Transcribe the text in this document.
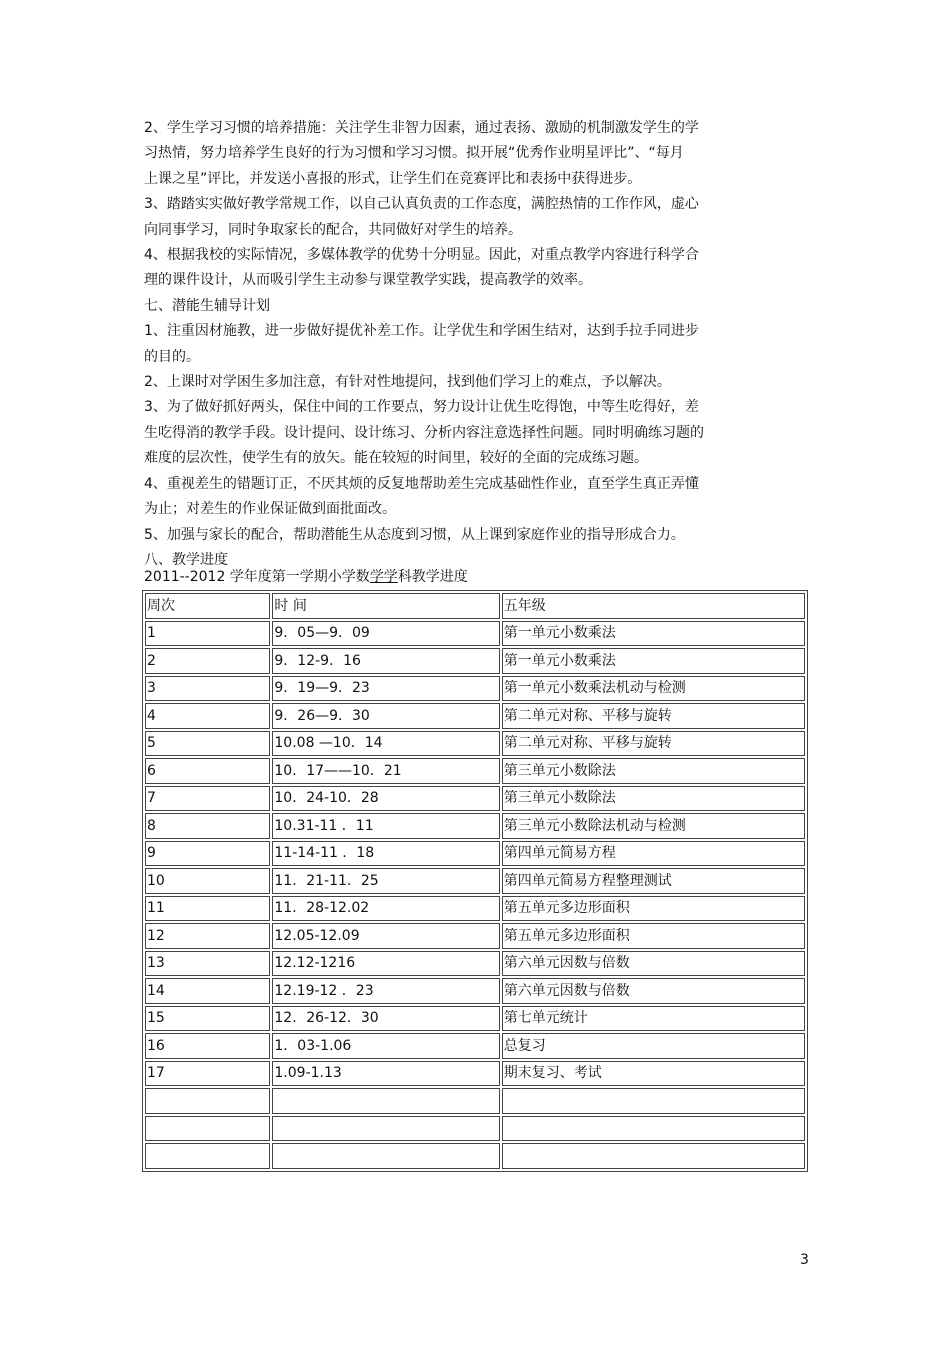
2、学生学习习惯的培养措施：关注学生非智力因素，通过表扬、激励的机制激发学生的学
习热情，努力培养学生良好的行为习惯和学习习惯。拟开展“优秀作业明星评比”、“每月
上课之星”评比，并发送小喜报的形式，让学生们在竞赛评比和表扬中获得进步。
3、踏踏实实做好教学常规工作，以自己认真负责的工作态度，满腔热情的工作作风，虚心
向同事学习，同时争取家长的配合，共同做好对学生的培养。
4、根据我校的实际情况，多媒体教学的优势十分明显。因此，对重点教学内容进行科学合
理的课件设计，从而吸引学生主动参与课堂教学实践，提高教学的效率。
七、潜能生辅导计划
1、注重因材施教，进一步做好提优补差工作。让学优生和学困生结对，达到手拉手同进步
的目的。
2、上课时对学困生多加注意，有针对性地提问，找到他们学习上的难点，予以解决。
3、为了做好抓好两头，保住中间的工作要点，努力设计让优生吃得饱，中等生吃得好，差
生吃得消的教学手段。设计提问、设计练习、分析内容注意选择性问题。同时明确练习题的
难度的层次性，使学生有的放矢。能在较短的时间里，较好的全面的完成练习题。
4、重视差生的错题订正，不厌其烦的反复地帮助差生完成基础性作业，直至学生真正弄懂
为止；对差生的作业保证做到面批面改。
5、加强与家长的配合，帮助潜能生从态度到习惯，从上课到家庭作业的指导形成合力。
八、教学进度
2011--2012 学年度第一学期小学数学学科教学进度
周次	时 间	五年级
1	9．05—9．09	第一单元小数乘法
2	9．12-9．16	第一单元小数乘法
3	9．19—9．23	第一单元小数乘法机动与检测
4	9．26—9．30	第二单元对称、平移与旋转
5	10.08 —10．14	第二单元对称、平移与旋转
6	10．17——10．21	第三单元小数除法
7	10．24-10．28	第三单元小数除法
8	10.31-11 ．11	第三单元小数除法机动与检测
9	11-14-11 ．18	第四单元简易方程
10	11．21-11．25	第四单元简易方程整理测试
11	11．28-12.02	第五单元多边形面积
12	12.05-12.09	第五单元多边形面积
13	12.12-1216	第六单元因数与倍数
14	12.19-12 ．23	第六单元因数与倍数
15	12．26-12．30	第七单元统计
16	1．03-1.06	总复习
17	1.09-1.13	期末复习、考试

3
